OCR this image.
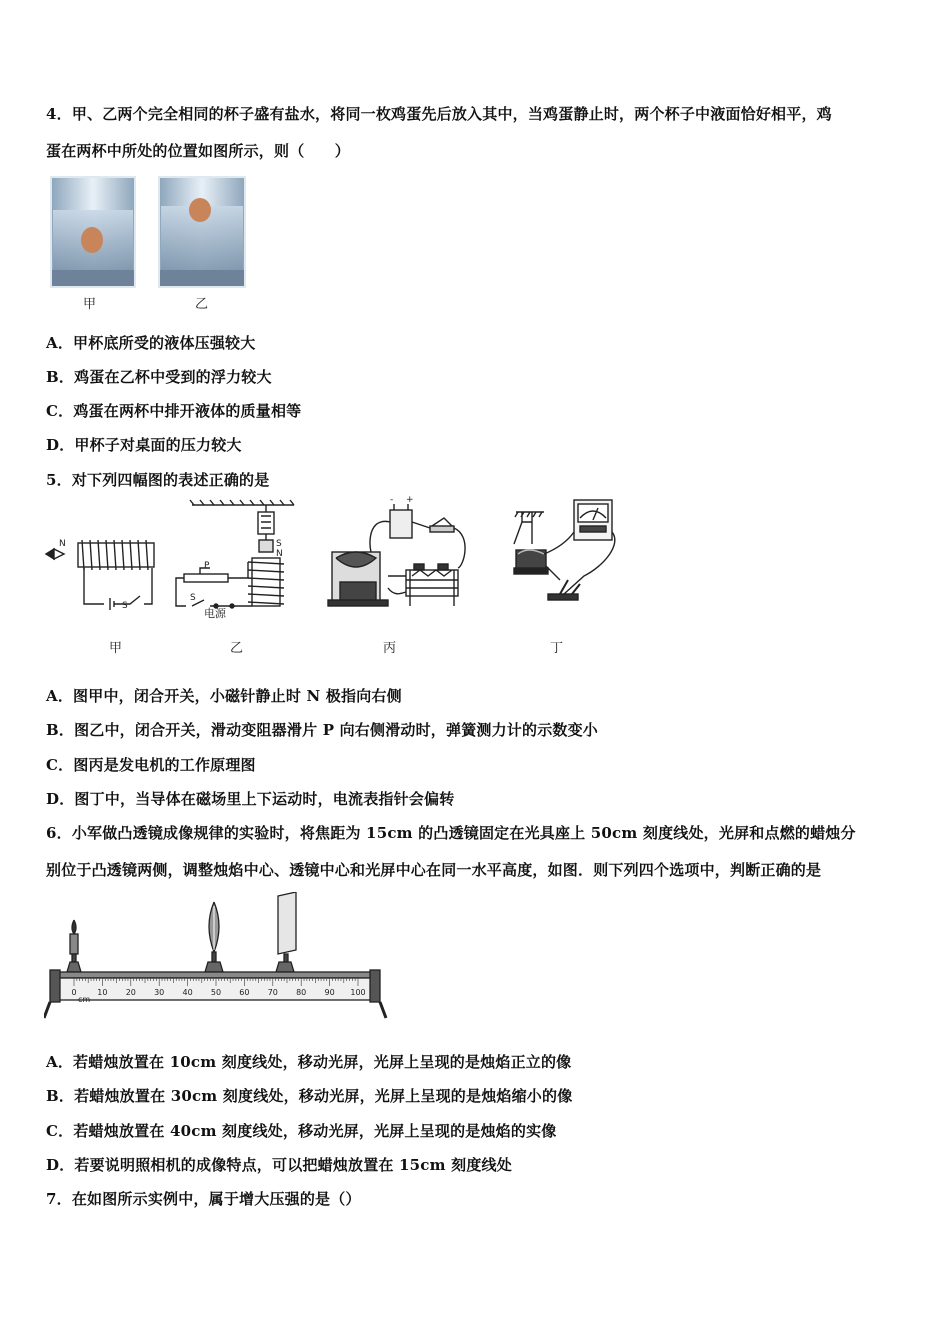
4．甲、乙两个完全相同的杯子盛有盐水，将同一枚鸡蛋先后放入其中，当鸡蛋静止时，两个杯子中液面恰好相平，鸡
蛋在两杯中所处的位置如图所示，则（　　）
甲	乙
A．甲杯底所受的液体压强较大
B．鸡蛋在乙杯中受到的浮力较大
C．鸡蛋在两杯中排开液体的质量相等
D．甲杯子对桌面的压力较大
5．对下列四幅图的表述正确的是
N
S
S
N
P
S
电源
- +
甲	乙	丙	丁
A．图甲中，闭合开关，小磁针静止时 N 极指向右侧
B．图乙中，闭合开关，滑动变阻器滑片 P 向右侧滑动时，弹簧测力计的示数变小
C．图丙是发电机的工作原理图
D．图丁中，当导体在磁场里上下运动时，电流表指针会偏转
6．小军做凸透镜成像规律的实验时，将焦距为 15cm 的凸透镜固定在光具座上 50cm 刻度线处，光屏和点燃的蜡烛分
别位于凸透镜两侧，调整烛焰中心、透镜中心和光屏中心在同一水平高度，如图．则下列四个选项中，判断正确的是
cm
0	10 20 30 40 50 60 70 80 90 100
A．若蜡烛放置在 10cm 刻度线处，移动光屏，光屏上呈现的是烛焰正立的像
B．若蜡烛放置在 30cm 刻度线处，移动光屏，光屏上呈现的是烛焰缩小的像
C．若蜡烛放置在 40cm 刻度线处，移动光屏，光屏上呈现的是烛焰的实像
D．若要说明照相机的成像特点，可以把蜡烛放置在 15cm 刻度线处
7．在如图所示实例中，属于增大压强的是（）
